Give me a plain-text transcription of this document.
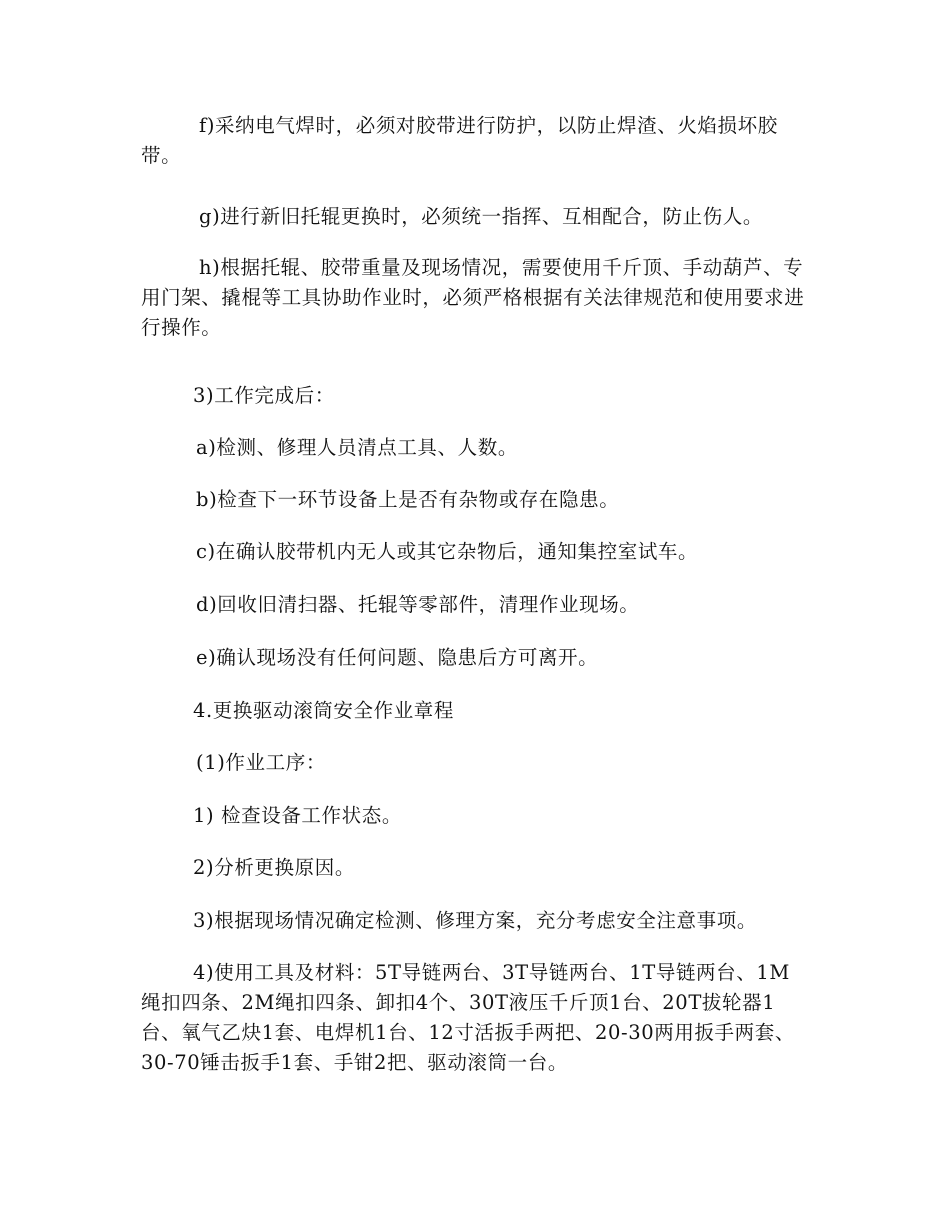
f)采纳电气焊时，必须对胶带进行防护，以防止焊渣、火焰损坏胶带。
g)进行新旧托辊更换时，必须统一指挥、互相配合，防止伤人。
h)根据托辊、胶带重量及现场情况，需要使用千斤顶、手动葫芦、专用门架、撬棍等工具协助作业时，必须严格根据有关法律规范和使用要求进行操作。
3)工作完成后：
a)检测、修理人员清点工具、人数。
b)检查下一环节设备上是否有杂物或存在隐患。
c)在确认胶带机内无人或其它杂物后，通知集控室试车。
d)回收旧清扫器、托辊等零部件，清理作业现场。
e)确认现场没有任何问题、隐患后方可离开。
4.更换驱动滚筒安全作业章程
(1)作业工序：
1) 检查设备工作状态。
2)分析更换原因。
3)根据现场情况确定检测、修理方案，充分考虑安全注意事项。
4)使用工具及材料：5T导链两台、3T导链两台、1T导链两台、1M绳扣四条、2M绳扣四条、卸扣4个、30T液压千斤顶1台、20T拔轮器1台、氧气乙炔1套、电焊机1台、12寸活扳手两把、20-30两用扳手两套、30-70锤击扳手1套、手钳2把、驱动滚筒一台。
